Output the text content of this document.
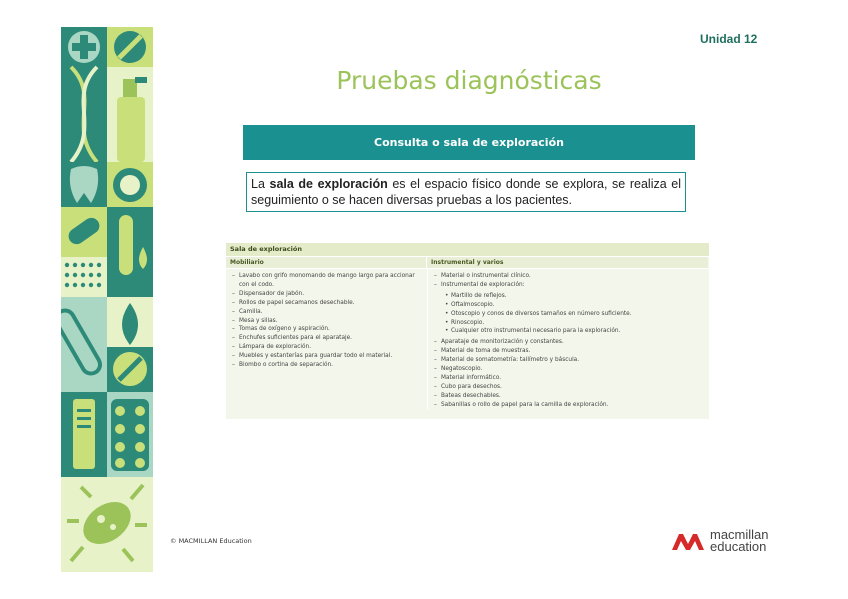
Unidad 12
Pruebas diagnósticas
Consulta o sala de exploración
La sala de exploración es el espacio físico donde se explora, se realiza el seguimiento o se hacen diversas pruebas a los pacientes.
Sala de exploración
Mobiliario	Instrumental y varios
– Lavabo con grifo monomando de mango largo para accionar con el codo.
– Dispensador de jabón.
– Rollos de papel secamanos desechable.
– Camilla.
– Mesa y sillas.
– Tomas de oxígeno y aspiración.
– Enchufes suficientes para el aparataje.
– Lámpara de exploración.
– Muebles y estanterías para guardar todo el material.
– Biombo o cortina de separación.
– Material o instrumental clínico.
– Instrumental de exploración:
• Martillo de reflejos.
• Oftalmoscopio.
• Otoscopio y conos de diversos tamaños en número suficiente.
• Rinoscopio.
• Cualquier otro instrumental necesario para la exploración.
– Aparataje de monitorización y constantes.
– Material de toma de muestras.
– Material de somatometría: tallímetro y báscula.
– Negatoscopio.
– Material informático.
– Cubo para desechos.
– Bateas desechables.
– Sabanillas o rollo de papel para la camilla de exploración.
© MACMILLAN Education	macmillan
education
